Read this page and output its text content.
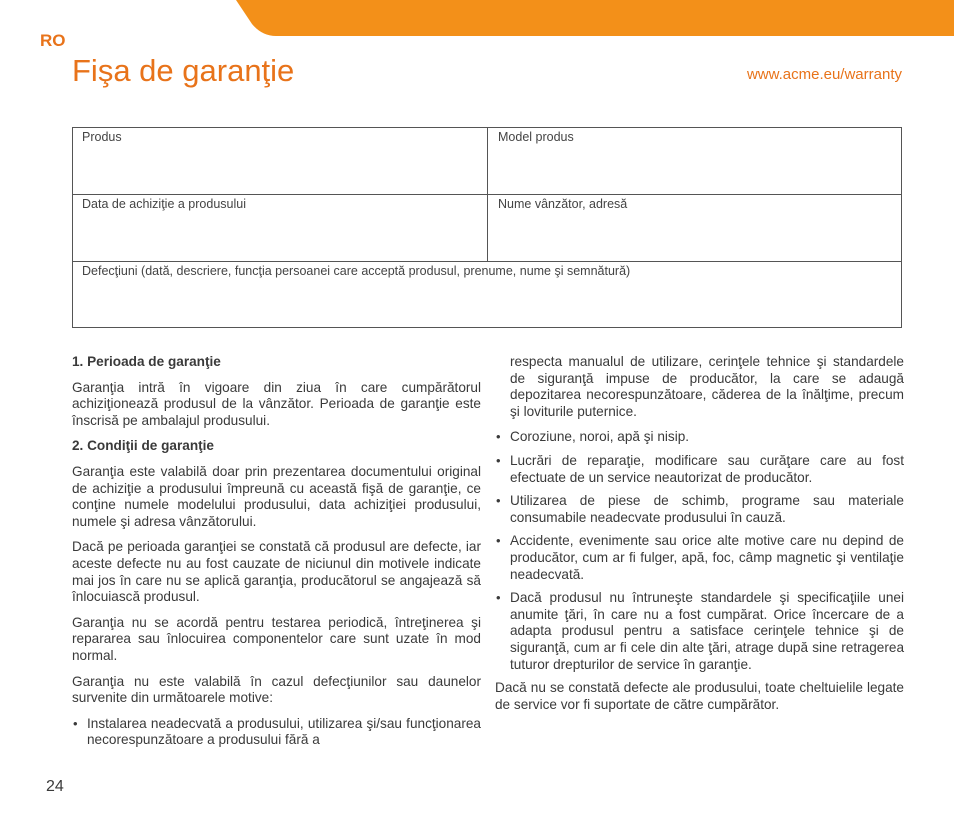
RO
Fişa de garanţie	www.acme.eu/warranty
Produs	Model produs
Data de achiziţie a produsului	Nume vânzător, adresă
Defecţiuni (dată, descriere, funcţia persoanei care acceptă produsul, prenume, nume şi semnătură)
1. Perioada de garanţie

Garanţia intră în vigoare din ziua în care cumpărătorul achiziţionează produsul de la vânzător. Perioada de garanţie este înscrisă pe ambalajul produsului.

2. Condiţii de garanţie

Garanţia este valabilă doar prin prezentarea documentului original de achiziţie a produsului împreună cu această fişă de garanţie, ce conţine numele modelului produsului, data achiziţiei produsului, numele şi adresa vânzătorului.

Dacă pe perioada garanţiei se constată că produsul are defecte, iar aceste defecte nu au fost cauzate de niciunul din motivele indicate mai jos în care nu se aplică garanţia, producătorul se angajează să înlocuiască produsul.

Garanţia nu se acordă pentru testarea periodică, întreţinerea şi repararea sau înlocuirea componentelor care sunt uzate în mod normal.

Garanţia nu este valabilă în cazul defecţiunilor sau daunelor survenite din următoarele motive:

• Instalarea neadecvată a produsului, utilizarea şi/sau funcţionarea necorespunzătoare a produsului fără a

respecta manualul de utilizare, cerinţele tehnice şi standardele de siguranţă impuse de producător, la care se adaugă depozitarea necorespunzătoare, căderea de la înălţime, precum şi loviturile puternice.

• Coroziune, noroi, apă şi nisip.
• Lucrări de reparaţie, modificare sau curăţare care au fost efectuate de un service neautorizat de producător.
• Utilizarea de piese de schimb, programe sau materiale consumabile neadecvate produsului în cauză.
• Accidente, evenimente sau orice alte motive care nu depind de producător, cum ar fi fulger, apă, foc, câmp magnetic şi ventilaţie neadecvată.
• Dacă produsul nu întruneşte standardele şi specificaţiile unei anumite ţări, în care nu a fost cumpărat. Orice încercare de a adapta produsul pentru a satisface cerinţele tehnice şi de siguranţă, cum ar fi cele din alte ţări, atrage după sine retragerea tuturor drepturilor de service în garanţie.

Dacă nu se constată defecte ale produsului, toate cheltuielile legate de service vor fi suportate de către cumpărător.

24
